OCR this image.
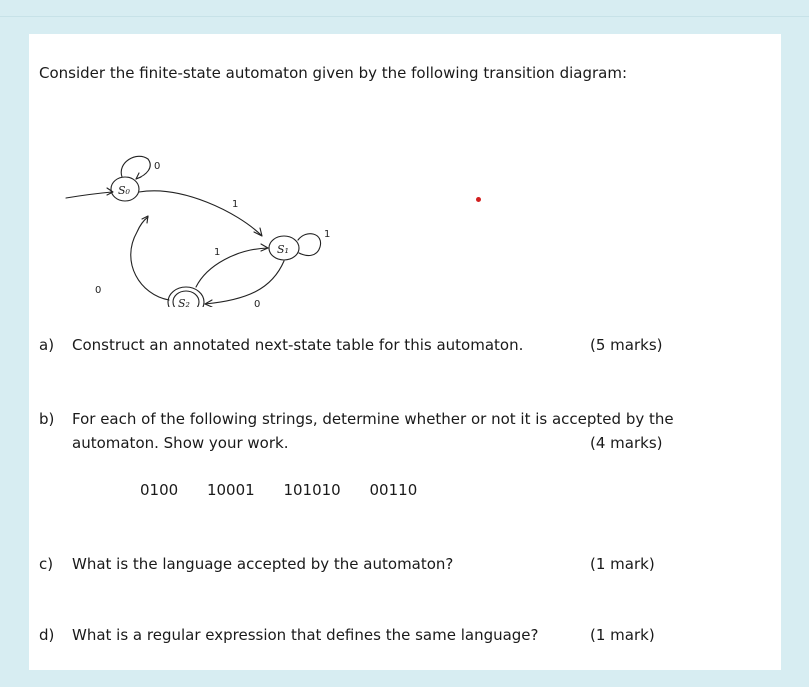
Consider the finite-state automaton given by the following transition diagram:
S₀
S₁
S₂
0
1
1
1
0
0
a) Construct an annotated next-state table for this automaton.	(5 marks)
b) For each of the following strings, determine whether or not it is accepted by the
automaton. Show your work.	(4 marks)
0100 10001 101010 00110
c) What is the language accepted by the automaton?	(1 mark)
d) What is a regular expression that defines the same language?	(1 mark)
